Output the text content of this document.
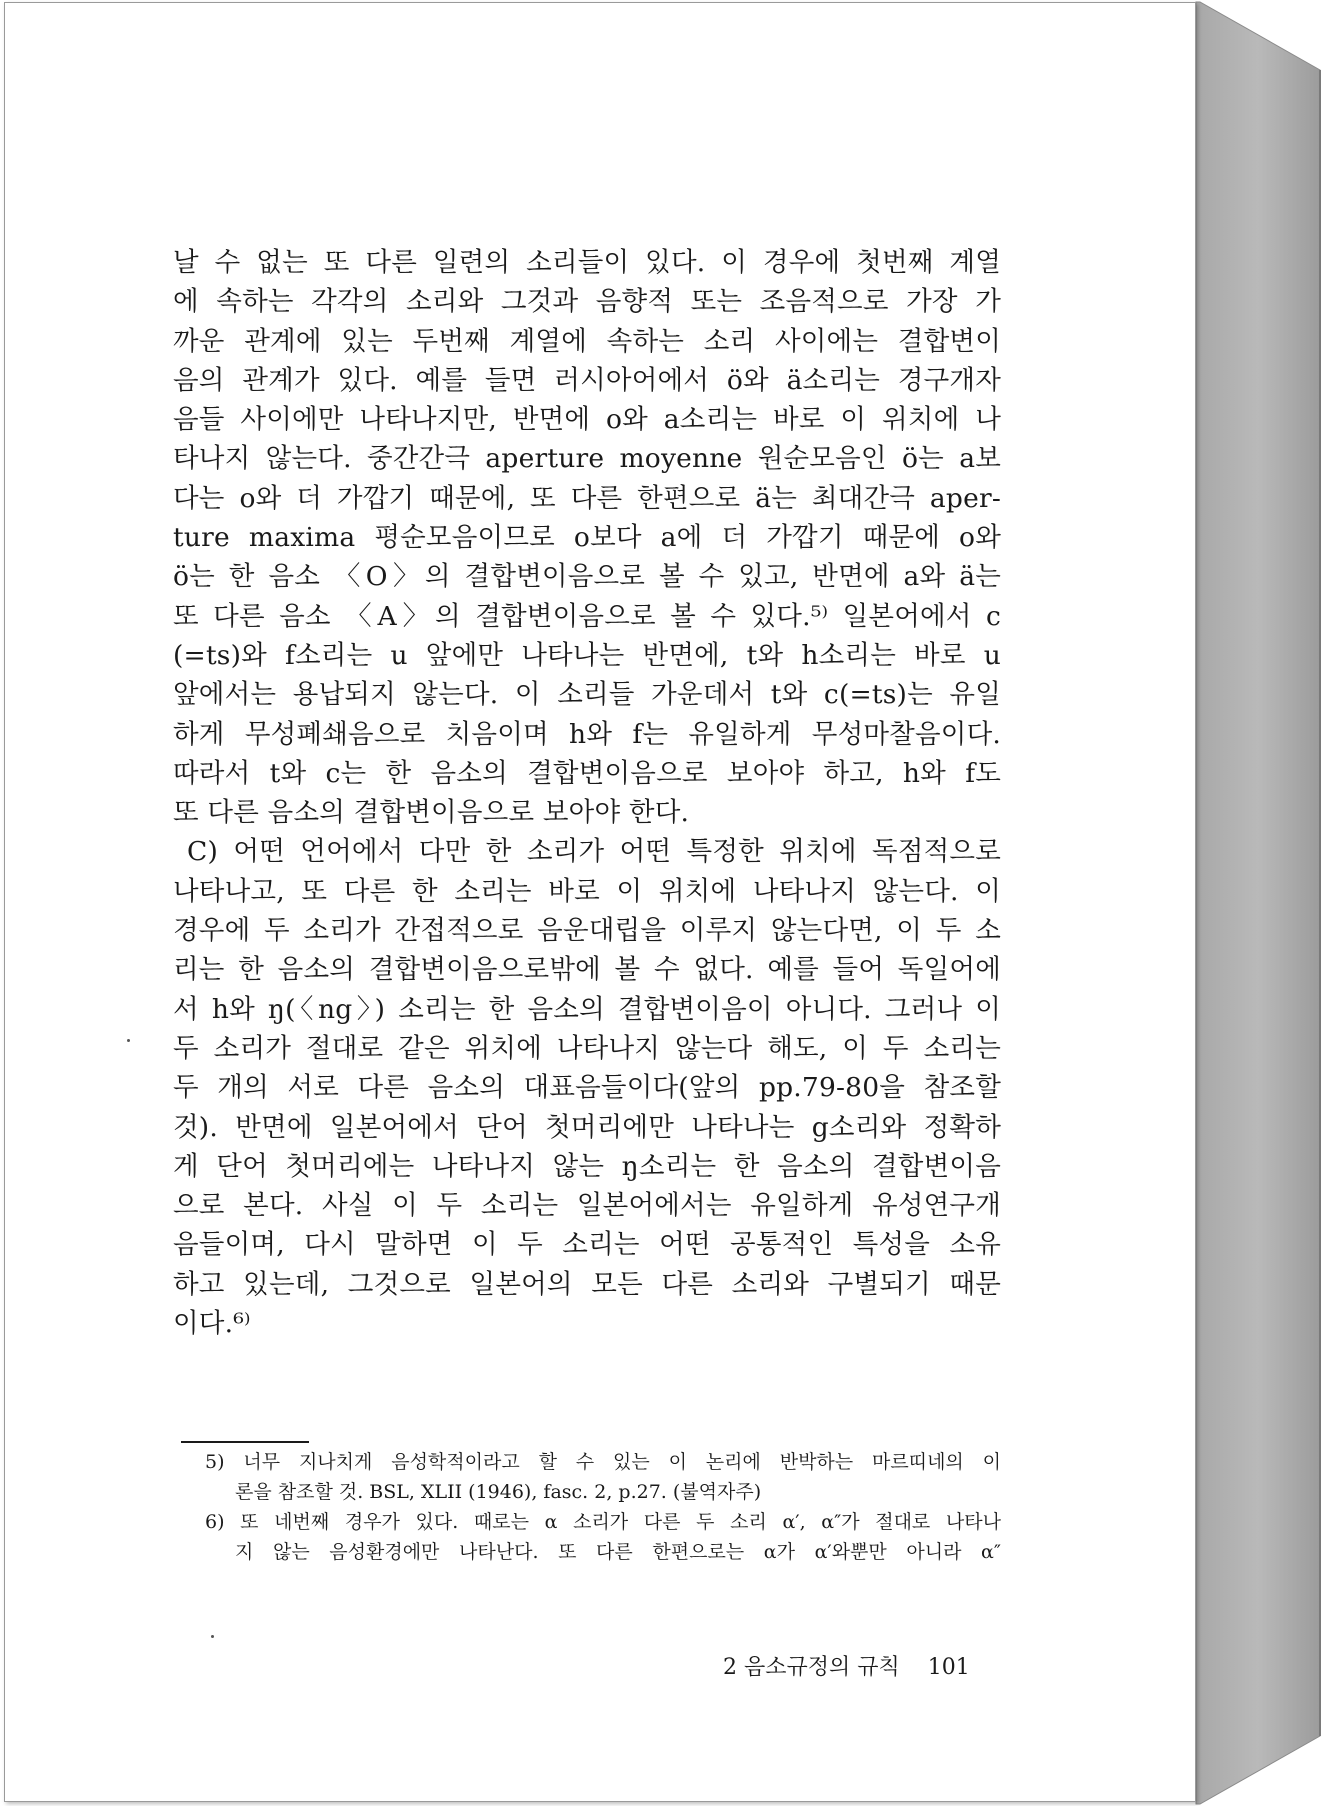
날 수 없는 또 다른 일련의 소리들이 있다. 이 경우에 첫번째 계열
에 속하는 각각의 소리와 그것과 음향적 또는 조음적으로 가장 가
까운 관계에 있는 두번째 계열에 속하는 소리 사이에는 결합변이
음의 관계가 있다. 예를 들면 러시아어에서 ö와 ä소리는 경구개자
음들 사이에만 나타나지만, 반면에 o와 a소리는 바로 이 위치에 나
타나지 않는다. 중간간극 aperture moyenne 원순모음인 ö는 a보
다는 o와 더 가깝기 때문에, 또 다른 한편으로 ä는 최대간극 aper-
ture maxima 평순모음이므로 o보다 a에 더 가깝기 때문에 o와
ö는 한 음소 〈O〉의 결합변이음으로 볼 수 있고, 반면에 a와 ä는
또 다른 음소 〈A〉의 결합변이음으로 볼 수 있다.⁵⁾ 일본어에서 c
(=ts)와 f소리는 u 앞에만 나타나는 반면에, t와 h소리는 바로 u
앞에서는 용납되지 않는다. 이 소리들 가운데서 t와 c(=ts)는 유일
하게 무성폐쇄음으로 치음이며 h와 f는 유일하게 무성마찰음이다.
따라서 t와 c는 한 음소의 결합변이음으로 보아야 하고, h와 f도
또 다른 음소의 결합변이음으로 보아야 한다.
C) 어떤 언어에서 다만 한 소리가 어떤 특정한 위치에 독점적으로
나타나고, 또 다른 한 소리는 바로 이 위치에 나타나지 않는다. 이
경우에 두 소리가 간접적으로 음운대립을 이루지 않는다면, 이 두 소
리는 한 음소의 결합변이음으로밖에 볼 수 없다. 예를 들어 독일어에
서 h와 ŋ(〈ng〉) 소리는 한 음소의 결합변이음이 아니다. 그러나 이
두 소리가 절대로 같은 위치에 나타나지 않는다 해도, 이 두 소리는
두 개의 서로 다른 음소의 대표음들이다(앞의 pp.79-80을 참조할
것). 반면에 일본어에서 단어 첫머리에만 나타나는 g소리와 정확하
게 단어 첫머리에는 나타나지 않는 ŋ소리는 한 음소의 결합변이음
으로 본다. 사실 이 두 소리는 일본어에서는 유일하게 유성연구개
음들이며, 다시 말하면 이 두 소리는 어떤 공통적인 특성을 소유
하고 있는데, 그것으로 일본어의 모든 다른 소리와 구별되기 때문
이다.⁶⁾
5) 너무 지나치게 음성학적이라고 할 수 있는 이 논리에 반박하는 마르띠네의 이
론을 참조할 것. BSL, XLII (1946), fasc. 2, p.27. (불역자주)
6) 또 네번째 경우가 있다. 때로는 α 소리가 다른 두 소리 α′, α″가 절대로 나타나
지 않는 음성환경에만 나타난다. 또 다른 한편으로는 α가 α′와뿐만 아니라 α″
2 음소규정의 규칙 101
